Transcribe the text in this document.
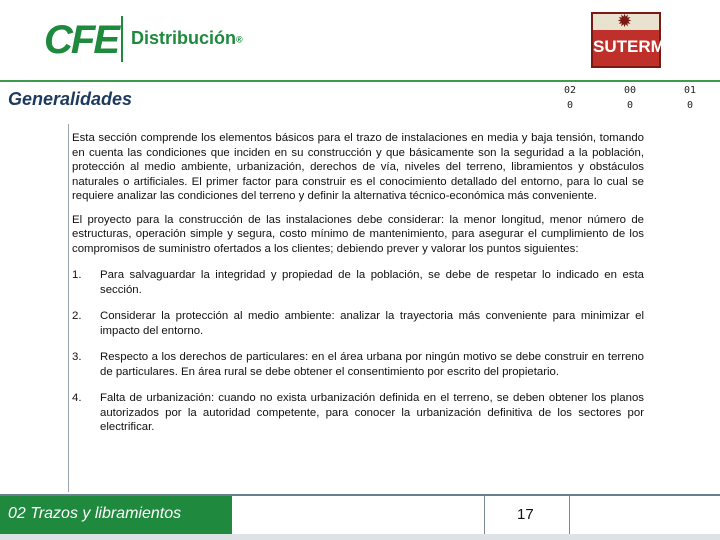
CFE Distribución®
✹
SUTERM
Generalidades	02	00	01
0	0	0

Esta sección comprende los elementos básicos para el trazo de instalaciones en media y baja tensión, tomando en cuenta las condiciones que inciden en su construcción y que básicamente son la seguridad a la población, protección al medio ambiente, urbanización, derechos de vía, niveles del terreno, libramientos y obstáculos naturales o artificiales. El primer factor para construir es el conocimiento detallado del entorno, para lo cual se requiere analizar las condiciones del terreno y definir la alternativa técnico-económica más conveniente.

El proyecto para la construcción de las instalaciones debe considerar: la menor longitud, menor número de estructuras, operación simple y segura, costo mínimo de mantenimiento, para asegurar el cumplimiento de los compromisos de suministro ofertados a los clientes; debiendo prever y valorar los puntos siguientes:

1. Para salvaguardar la integridad y propiedad de la población, se debe de respetar lo indicado en esta sección.
2. Considerar la protección al medio ambiente: analizar la trayectoria más conveniente para minimizar el impacto del entorno.
3. Respecto a los derechos de particulares: en el área urbana por ningún motivo se debe construir en terreno de particulares. En área rural se debe obtener el consentimiento por escrito del propietario.
4. Falta de urbanización: cuando no exista urbanización definida en el terreno, se deben obtener los planos autorizados por la autoridad competente, para conocer la urbanización definitiva de los sectores por electrificar.
02 Trazos y libramientos	17
